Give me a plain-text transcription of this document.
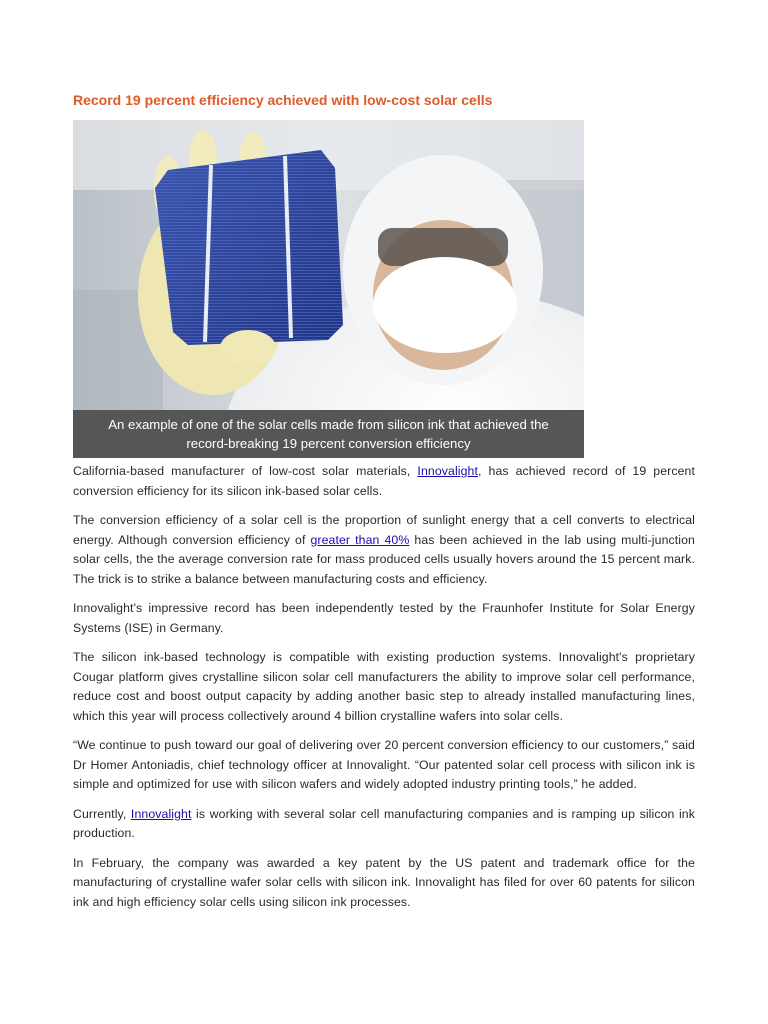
Record 19 percent efficiency achieved with low-cost solar cells
An example of one of the solar cells made from silicon ink that achieved the
record-breaking 19 percent conversion efficiency

California-based manufacturer of low-cost solar materials, Innovalight, has achieved record of 19 percent conversion efficiency for its silicon ink-based solar cells.

The conversion efficiency of a solar cell is the proportion of sunlight energy that a cell converts to electrical energy. Although conversion efficiency of greater than 40% has been achieved in the lab using multi-junction solar cells, the the average conversion rate for mass produced cells usually hovers around the 15 percent mark. The trick is to strike a balance between manufacturing costs and efficiency.

Innovalight's impressive record has been independently tested by the Fraunhofer Institute for Solar Energy Systems (ISE) in Germany.

The silicon ink-based technology is compatible with existing production systems. Innovalight's proprietary Cougar platform gives crystalline silicon solar cell manufacturers the ability to improve solar cell performance, reduce cost and boost output capacity by adding another basic step to already installed manufacturing lines, which this year will process collectively around 4 billion crystalline wafers into solar cells.

“We continue to push toward our goal of delivering over 20 percent conversion efficiency to our customers,” said Dr Homer Antoniadis, chief technology officer at Innovalight. “Our patented solar cell process with silicon ink is simple and optimized for use with silicon wafers and widely adopted industry printing tools,” he added.

Currently, Innovalight is working with several solar cell manufacturing companies and is ramping up silicon ink production.

In February, the company was awarded a key patent by the US patent and trademark office for the manufacturing of crystalline wafer solar cells with silicon ink. Innovalight has filed for over 60 patents for silicon ink and high efficiency solar cells using silicon ink processes.
